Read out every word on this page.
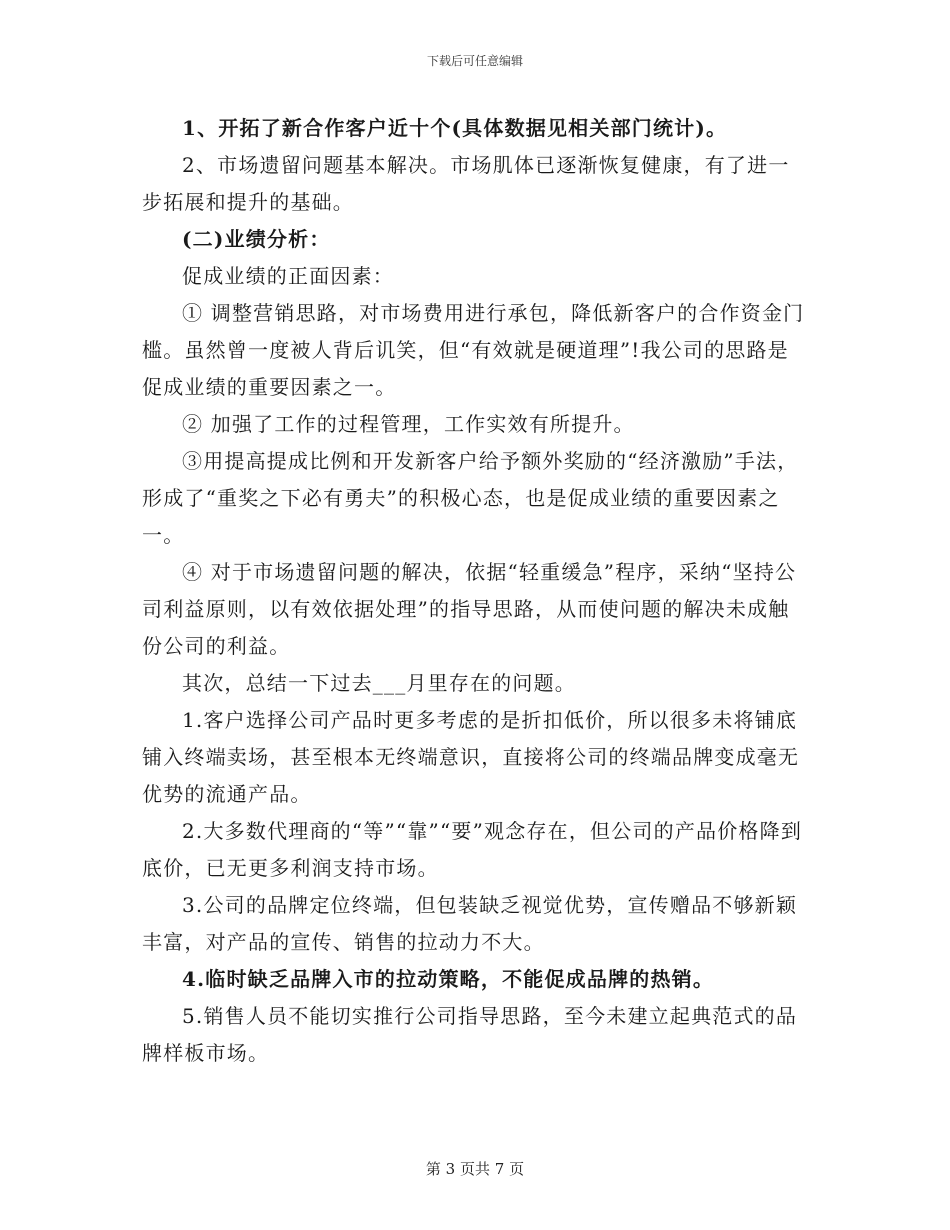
下载后可任意编辑

1、开拓了新合作客户近十个(具体数据见相关部门统计)。

2、市场遗留问题基本解决。市场肌体已逐渐恢复健康，有了进一步拓展和提升的基础。

(二)业绩分析：

促成业绩的正面因素：

① 调整营销思路，对市场费用进行承包，降低新客户的合作资金门槛。虽然曾一度被人背后讥笑，但“有效就是硬道理”!我公司的思路是促成业绩的重要因素之一。

② 加强了工作的过程管理，工作实效有所提升。

③用提高提成比例和开发新客户给予额外奖励的“经济激励”手法，形成了“重奖之下必有勇夫”的积极心态，也是促成业绩的重要因素之一。

④ 对于市场遗留问题的解决，依据“轻重缓急”程序，采纳“坚持公司利益原则，以有效依据处理”的指导思路，从而使问题的解决未成触份公司的利益。

其次，总结一下过去___月里存在的问题。

1.客户选择公司产品时更多考虑的是折扣低价，所以很多未将铺底铺入终端卖场，甚至根本无终端意识，直接将公司的终端品牌变成毫无优势的流通产品。

2.大多数代理商的“等”“靠”“要”观念存在，但公司的产品价格降到底价，已无更多利润支持市场。

3.公司的品牌定位终端，但包装缺乏视觉优势，宣传赠品不够新颖丰富，对产品的宣传、销售的拉动力不大。

4.临时缺乏品牌入市的拉动策略，不能促成品牌的热销。

5.销售人员不能切实推行公司指导思路，至今未建立起典范式的品牌样板市场。

第 3 页共 7 页
